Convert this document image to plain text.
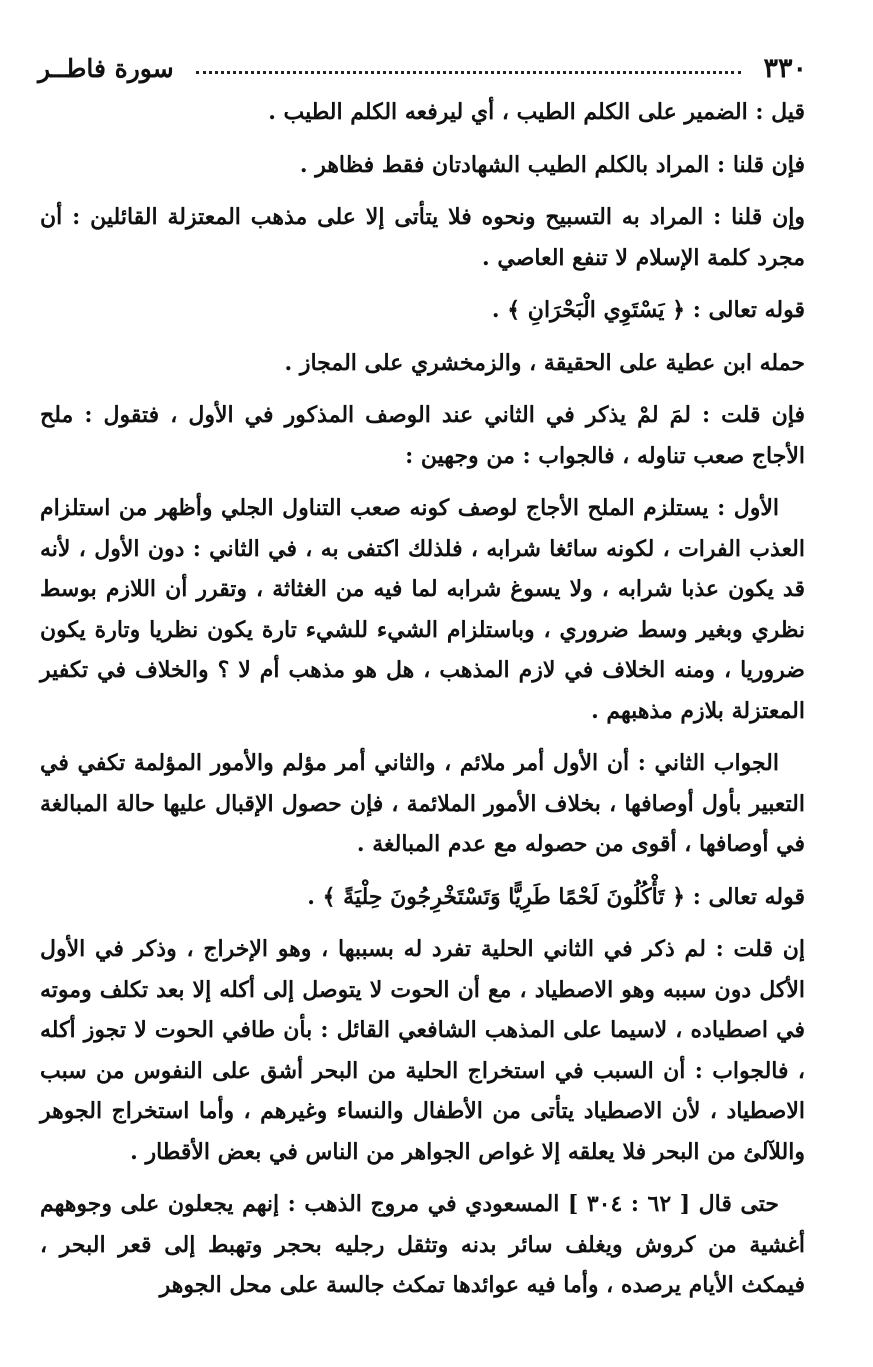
٣٣٠
سورة فاطــر

قيل : الضمير على الكلم الطيب ، أي ليرفعه الكلم الطيب .

فإن قلنا : المراد بالكلم الطيب الشهادتان فقط فظاهر .

وإن قلنا : المراد به التسبيح ونحوه فلا يتأتى إلا على مذهب المعتزلة القائلين : أن مجرد كلمة الإسلام لا تنفع العاصي .

قوله تعالى : ﴿ يَسْتَوِي الْبَحْرَانِ ﴾ .

حمله ابن عطية على الحقيقة ، والزمخشري على المجاز .

فإن قلت : لمَ لمْ يذكر في الثاني عند الوصف المذكور في الأول ، فتقول : ملح الأجاج صعب تناوله ، فالجواب : من وجهين :

الأول : يستلزم الملح الأجاج لوصف كونه صعب التناول الجلي وأظهر من استلزام العذب الفرات ، لكونه سائغا شرابه ، فلذلك اكتفى به ، في الثاني : دون الأول ، لأنه قد يكون عذبا شرابه ، ولا يسوغ شرابه لما فيه من الغثاثة ، وتقرر أن اللازم بوسط نظري وبغير وسط ضروري ، وباستلزام الشيء للشيء تارة يكون نظريا وتارة يكون ضروريا ، ومنه الخلاف في لازم المذهب ، هل هو مذهب أم لا ؟ والخلاف في تكفير المعتزلة بلازم مذهبهم .

الجواب الثاني : أن الأول أمر ملائم ، والثاني أمر مؤلم والأمور المؤلمة تكفي في التعبير بأول أوصافها ، بخلاف الأمور الملائمة ، فإن حصول الإقبال عليها حالة المبالغة في أوصافها ، أقوى من حصوله مع عدم المبالغة .

قوله تعالى : ﴿ تَأْكُلُونَ لَحْمًا طَرِيًّا وَتَسْتَخْرِجُونَ حِلْيَةً ﴾ .

إن قلت : لم ذكر في الثاني الحلية تفرد له بسببها ، وهو الإخراج ، وذكر في الأول الأكل دون سببه وهو الاصطياد ، مع أن الحوت لا يتوصل إلى أكله إلا بعد تكلف وموته في اصطياده ، لاسيما على المذهب الشافعي القائل : بأن طافي الحوت لا تجوز أكله ، فالجواب : أن السبب في استخراج الحلية من البحر أشق على النفوس من سبب الاصطياد ، لأن الاصطياد يتأتى من الأطفال والنساء وغيرهم ، وأما استخراج الجوهر واللآلئ من البحر فلا يعلقه إلا غواص الجواهر من الناس في بعض الأقطار .

حتى قال [ ٦٢ : ٣٠٤ ] المسعودي في مروج الذهب : إنهم يجعلون على وجوههم أغشية من كروش ويغلف سائر بدنه وتثقل رجليه بحجر وتهبط إلى قعر البحر ، فيمكث الأيام يرصده ، وأما فيه عوائدها تمكث جالسة على محل الجوهر
